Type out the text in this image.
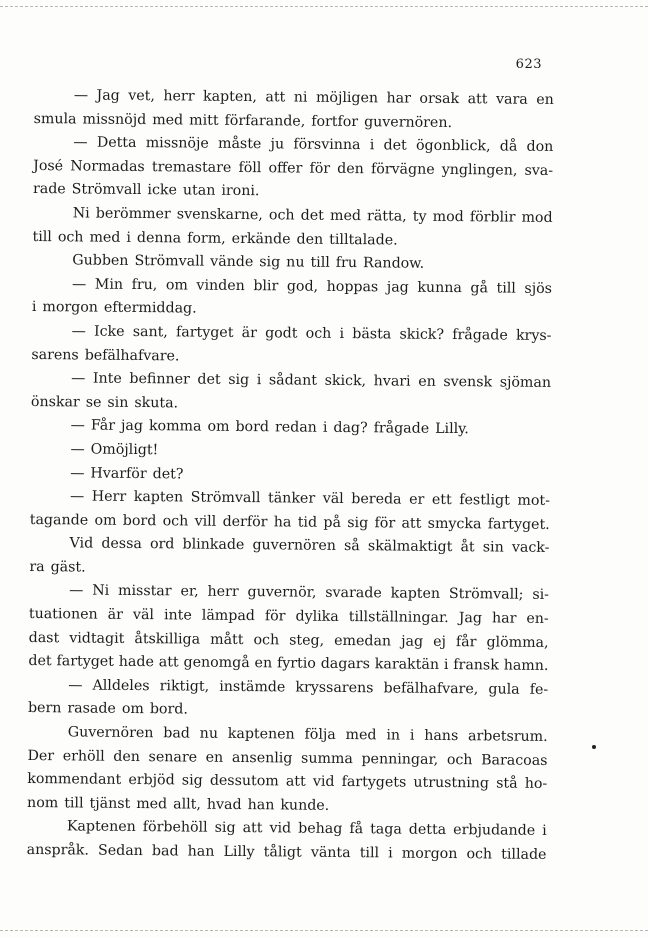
623
— Jag vet, herr kapten, att ni möjligen har orsak att vara en
smula missnöjd med mitt förfarande, fortfor guvernören.
— Detta missnöje måste ju försvinna i det ögonblick, då don
José Normadas tremastare föll offer för den förvägne ynglingen, sva-
rade Strömvall icke utan ironi.
Ni berömmer svenskarne, och det med rätta, ty mod förblir mod
till och med i denna form, erkände den tilltalade.
Gubben Strömvall vände sig nu till fru Randow.
— Min fru, om vinden blir god, hoppas jag kunna gå till sjös
i morgon eftermiddag.
— Icke sant, fartyget är godt och i bästa skick? frågade krys-
sarens befälhafvare.
— Inte befinner det sig i sådant skick, hvari en svensk sjöman
önskar se sin skuta.
— Får jag komma om bord redan i dag? frågade Lilly.
— Omöjligt!
— Hvarför det?
— Herr kapten Strömvall tänker väl bereda er ett festligt mot-
tagande om bord och vill derför ha tid på sig för att smycka fartyget.
Vid dessa ord blinkade guvernören så skälmaktigt åt sin vack-
ra gäst.
— Ni misstar er, herr guvernör, svarade kapten Strömvall; si-
tuationen är väl inte lämpad för dylika tillställningar. Jag har en-
dast vidtagit åtskilliga mått och steg, emedan jag ej får glömma,
det fartyget hade att genomgå en fyrtio dagars karaktän i fransk hamn.
— Alldeles riktigt, instämde kryssarens befälhafvare, gula fe-
bern rasade om bord.
Guvernören bad nu kaptenen följa med in i hans arbetsrum.
Der erhöll den senare en ansenlig summa penningar, och Baracoas
kommendant erbjöd sig dessutom att vid fartygets utrustning stå ho-
nom till tjänst med allt, hvad han kunde.
Kaptenen förbehöll sig att vid behag få taga detta erbjudande i
anspråk. Sedan bad han Lilly tåligt vänta till i morgon och tillade
